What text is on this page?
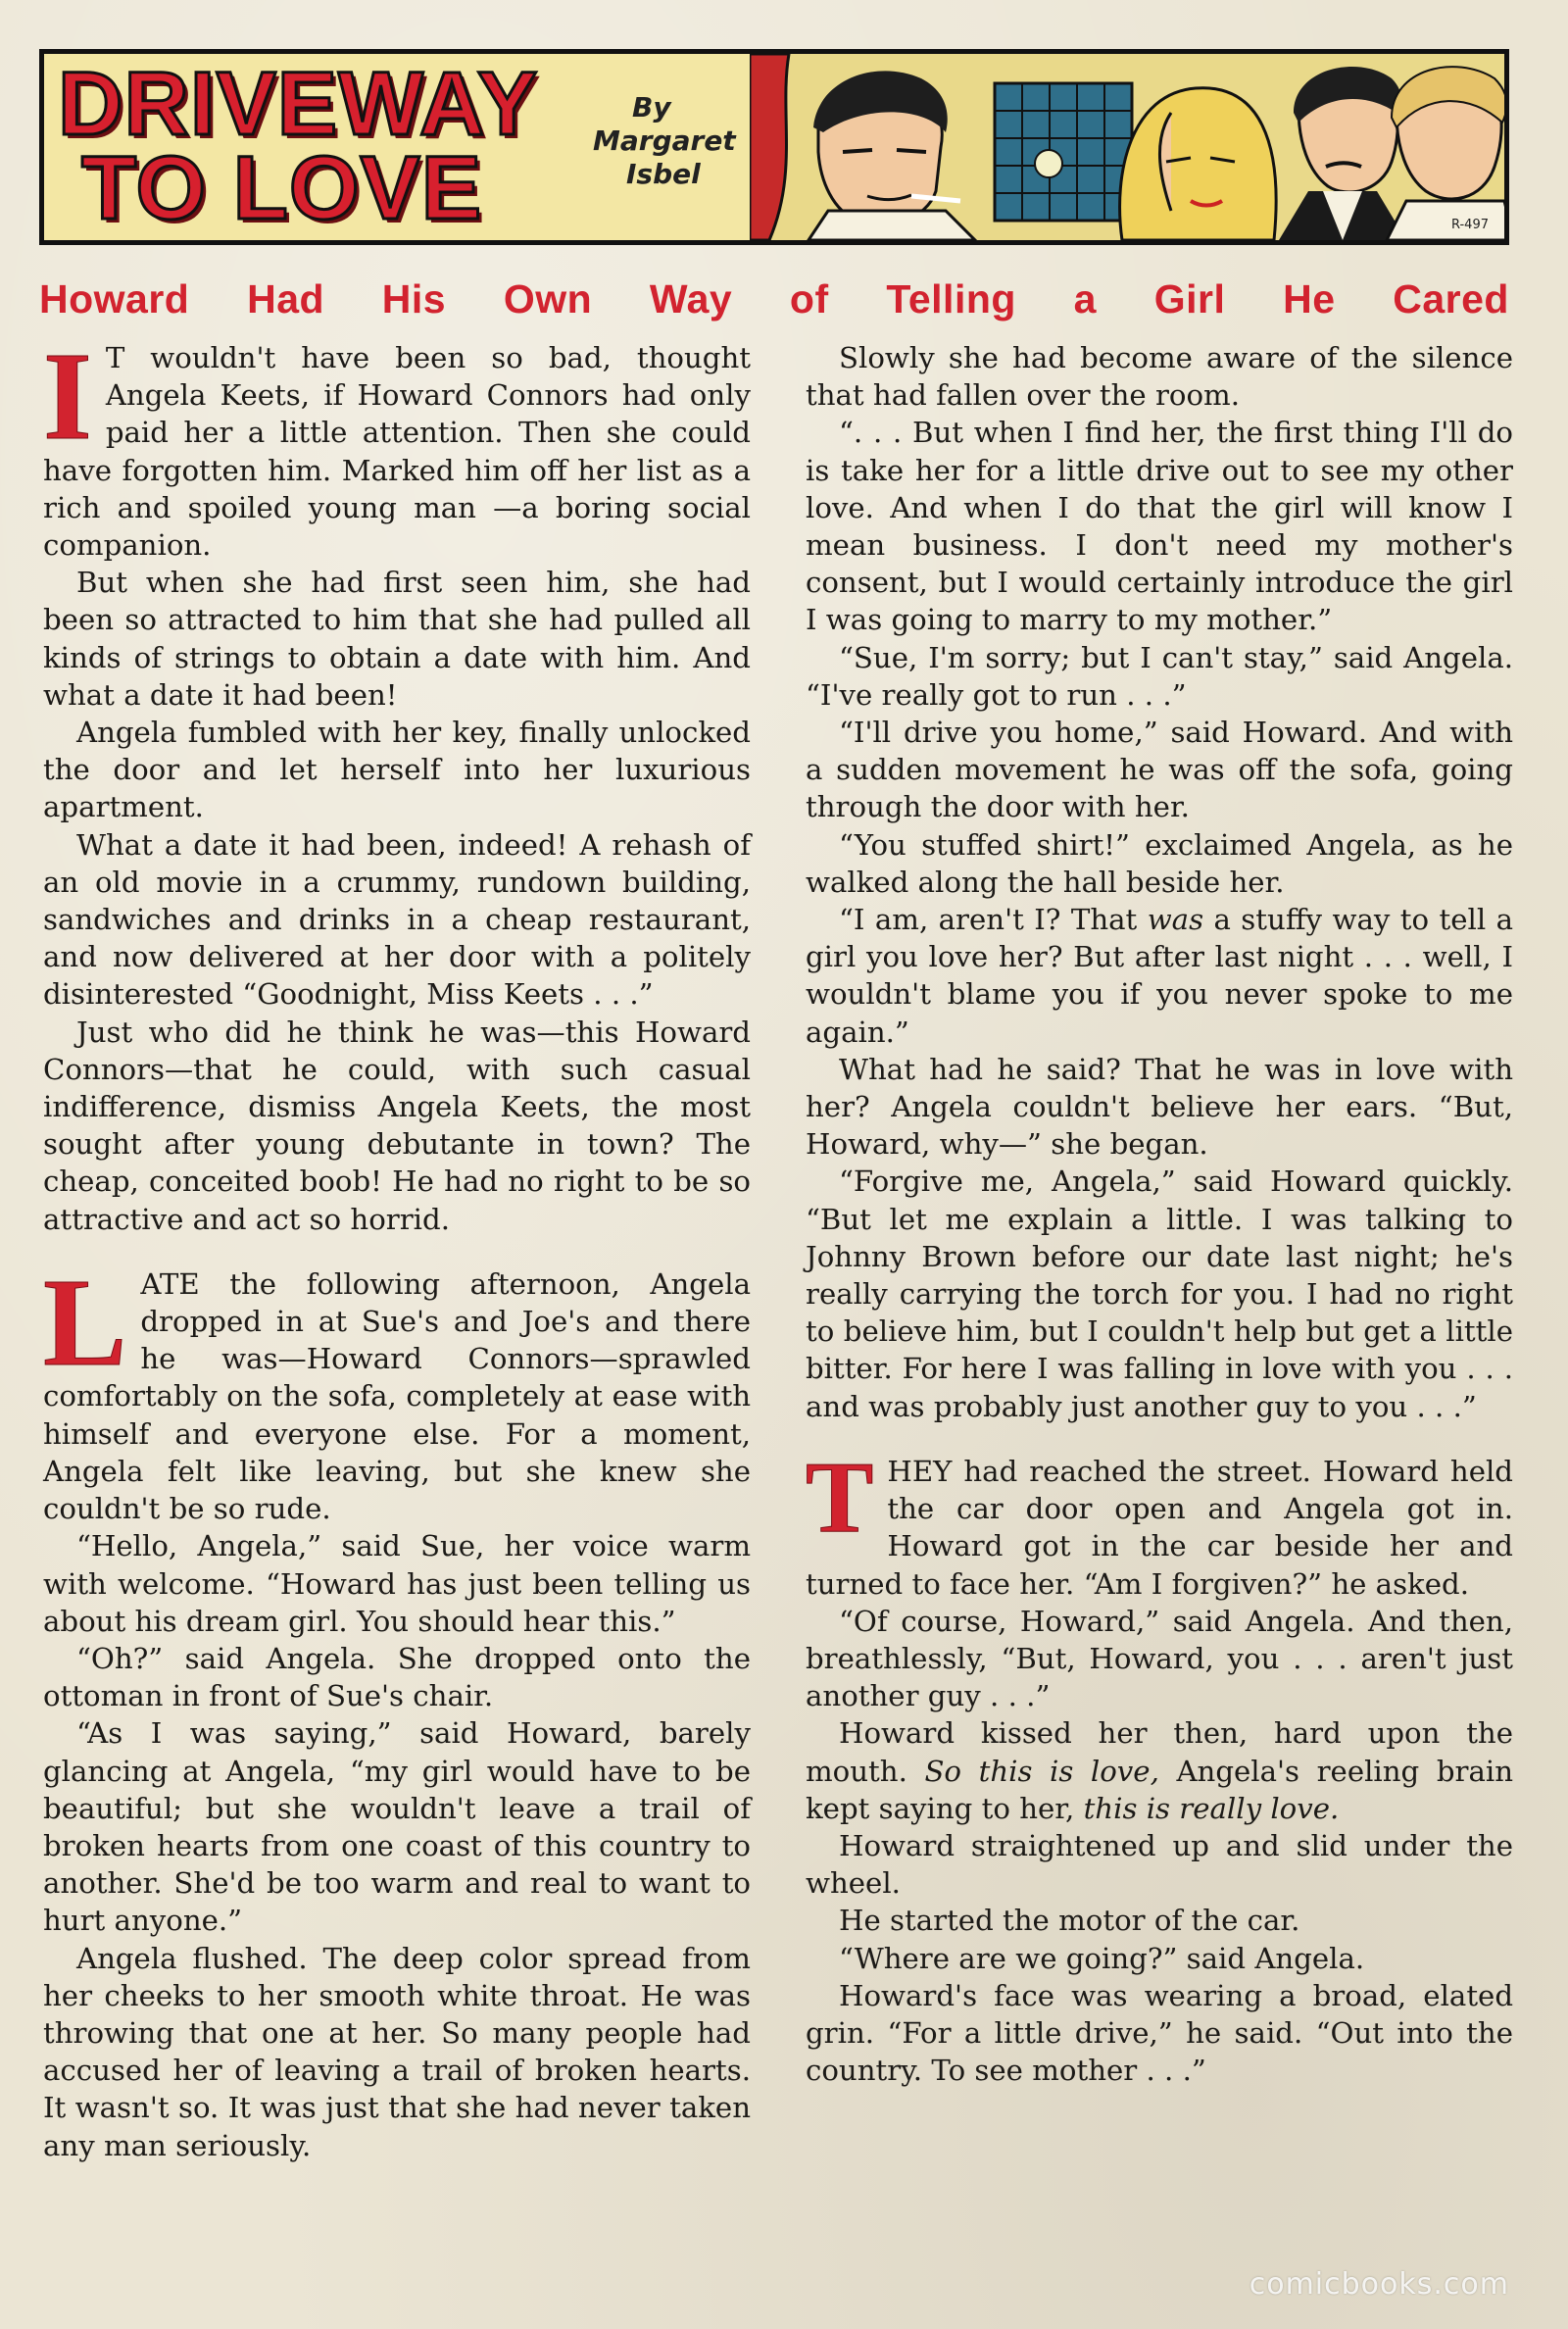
DRIVEWAY
TO LOVE
By
Margaret
Isbel
R-497
Howard Had His Own Way of Telling a Girl He Cared

I T wouldn't have been so bad, thought Angela Keets, if Howard Connors had only paid her a little attention. Then she could have forgotten him. Marked him off her list as a rich and spoiled young man —a boring social companion.

But when she had first seen him, she had been so attracted to him that she had pulled all kinds of strings to obtain a date with him. And what a date it had been!

Angela fumbled with her key, finally unlocked the door and let herself into her luxurious apartment.

What a date it had been, indeed! A rehash of an old movie in a crummy, rundown building, sandwiches and drinks in a cheap restaurant, and now delivered at her door with a politely disinterested “Goodnight, Miss Keets . . .”

Just who did he think he was—this Howard Connors—that he could, with such casual indifference, dismiss Angela Keets, the most sought after young debutante in town? The cheap, conceited boob! He had no right to be so attractive and act so horrid.

LATE the following afternoon, Angela dropped in at Sue's and Joe's and there he was—Howard Connors—sprawled comfortably on the sofa, completely at ease with himself and everyone else. For a moment, Angela felt like leaving, but she knew she couldn't be so rude.

“Hello, Angela,” said Sue, her voice warm with welcome. “Howard has just been telling us about his dream girl. You should hear this.”

“Oh?” said Angela. She dropped onto the ottoman in front of Sue's chair.

“As I was saying,” said Howard, barely glancing at Angela, “my girl would have to be beautiful; but she wouldn't leave a trail of broken hearts from one coast of this country to another. She'd be too warm and real to want to hurt anyone.”

Angela flushed. The deep color spread from her cheeks to her smooth white throat. He was throwing that one at her. So many people had accused her of leaving a trail of broken hearts. It wasn't so. It was just that she had never taken any man seriously.

Slowly she had become aware of the silence that had fallen over the room.

“. . . But when I find her, the first thing I'll do is take her for a little drive out to see my other love. And when I do that the girl will know I mean business. I don't need my mother's consent, but I would certainly introduce the girl I was going to marry to my mother.”

“Sue, I'm sorry; but I can't stay,” said Angela. “I've really got to run . . .”

“I'll drive you home,” said Howard. And with a sudden movement he was off the sofa, going through the door with her.

“You stuffed shirt!” exclaimed Angela, as he walked along the hall beside her.

“I am, aren't I? That was a stuffy way to tell a girl you love her? But after last night . . . well, I wouldn't blame you if you never spoke to me again.”

What had he said? That he was in love with her? Angela couldn't believe her ears. “But, Howard, why—” she began.

“Forgive me, Angela,” said Howard quickly. “But let me explain a little. I was talking to Johnny Brown before our date last night; he's really carrying the torch for you. I had no right to believe him, but I couldn't help but get a little bitter. For here I was falling in love with you . . . and was probably just another guy to you . . .”

THEY had reached the street. Howard held the car door open and Angela got in. Howard got in the car beside her and turned to face her. “Am I forgiven?” he asked.

“Of course, Howard,” said Angela. And then, breathlessly, “But, Howard, you . . . aren't just another guy . . .”

Howard kissed her then, hard upon the mouth. So this is love, Angela's reeling brain kept saying to her, this is really love.

Howard straightened up and slid under the wheel.

He started the motor of the car.

“Where are we going?” said Angela.

Howard's face was wearing a broad, elated grin. “For a little drive,” he said. “Out into the country. To see mother . . .”

comicbooks.com
